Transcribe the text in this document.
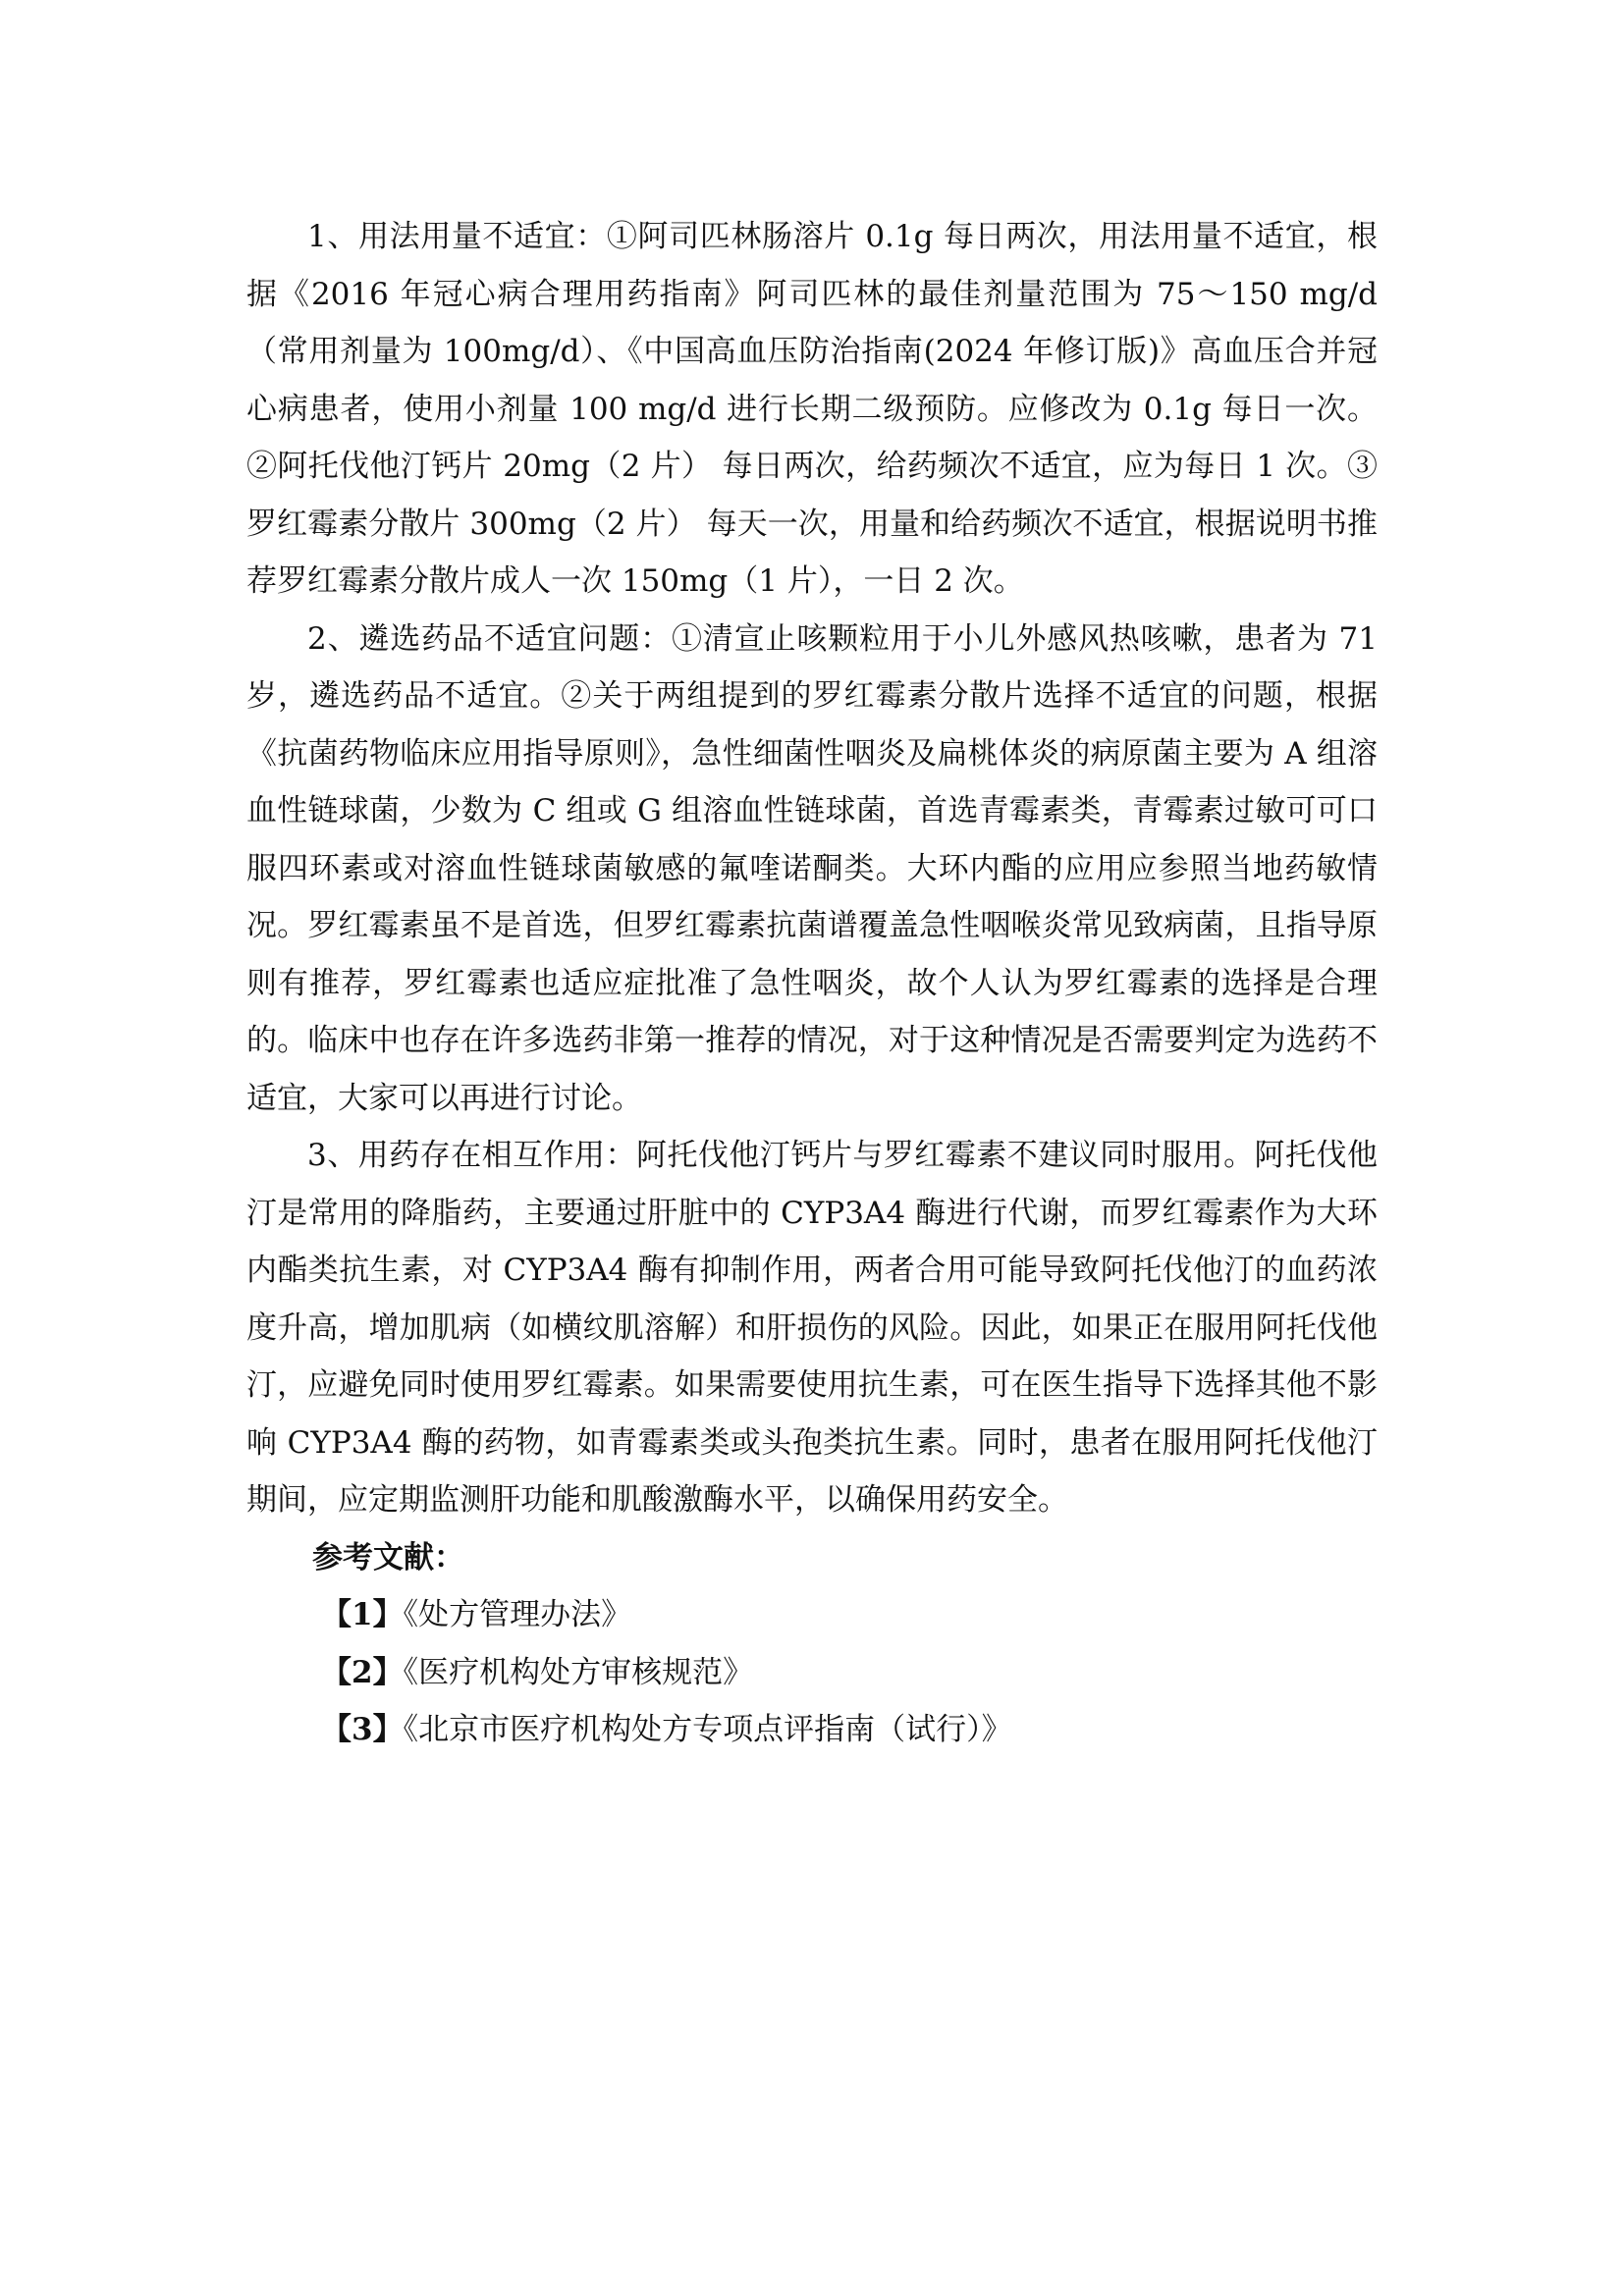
1、用法用量不适宜：①阿司匹林肠溶片 0.1g 每日两次，用法用量不适宜，根据《2016 年冠心病合理用药指南》阿司匹林的最佳剂量范围为 75～150 mg/d（常用剂量为 100mg/d）、《中国高血压防治指南(2024 年修订版)》高血压合并冠心病患者，使用小剂量 100 mg/d 进行长期二级预防。应修改为 0.1g 每日一次。②阿托伐他汀钙片 20mg（2 片） 每日两次，给药频次不适宜，应为每日 1 次。③罗红霉素分散片 300mg（2 片） 每天一次，用量和给药频次不适宜，根据说明书推荐罗红霉素分散片成人一次 150mg（1 片），一日 2 次。

2、遴选药品不适宜问题：①清宣止咳颗粒用于小儿外感风热咳嗽，患者为 71 岁，遴选药品不适宜。②关于两组提到的罗红霉素分散片选择不适宜的问题，根据《抗菌药物临床应用指导原则》，急性细菌性咽炎及扁桃体炎的病原菌主要为 A 组溶血性链球菌，少数为 C 组或 G 组溶血性链球菌，首选青霉素类，青霉素过敏可可口服四环素或对溶血性链球菌敏感的氟喹诺酮类。大环内酯的应用应参照当地药敏情况。罗红霉素虽不是首选，但罗红霉素抗菌谱覆盖急性咽喉炎常见致病菌，且指导原则有推荐，罗红霉素也适应症批准了急性咽炎，故个人认为罗红霉素的选择是合理的。临床中也存在许多选药非第一推荐的情况，对于这种情况是否需要判定为选药不适宜，大家可以再进行讨论。

3、用药存在相互作用：阿托伐他汀钙片与罗红霉素不建议同时服用。阿托伐他汀是常用的降脂药，主要通过肝脏中的 CYP3A4 酶进行代谢，而罗红霉素作为大环内酯类抗生素，对 CYP3A4 酶有抑制作用，两者合用可能导致阿托伐他汀的血药浓度升高，增加肌病（如横纹肌溶解）和肝损伤的风险。因此，如果正在服用阿托伐他汀，应避免同时使用罗红霉素。如果需要使用抗生素，可在医生指导下选择其他不影响 CYP3A4 酶的药物，如青霉素类或头孢类抗生素。同时，患者在服用阿托伐他汀期间，应定期监测肝功能和肌酸激酶水平，以确保用药安全。

参考文献：

【1】《处方管理办法》
【2】《医疗机构处方审核规范》
【3】《北京市医疗机构处方专项点评指南（试行）》
